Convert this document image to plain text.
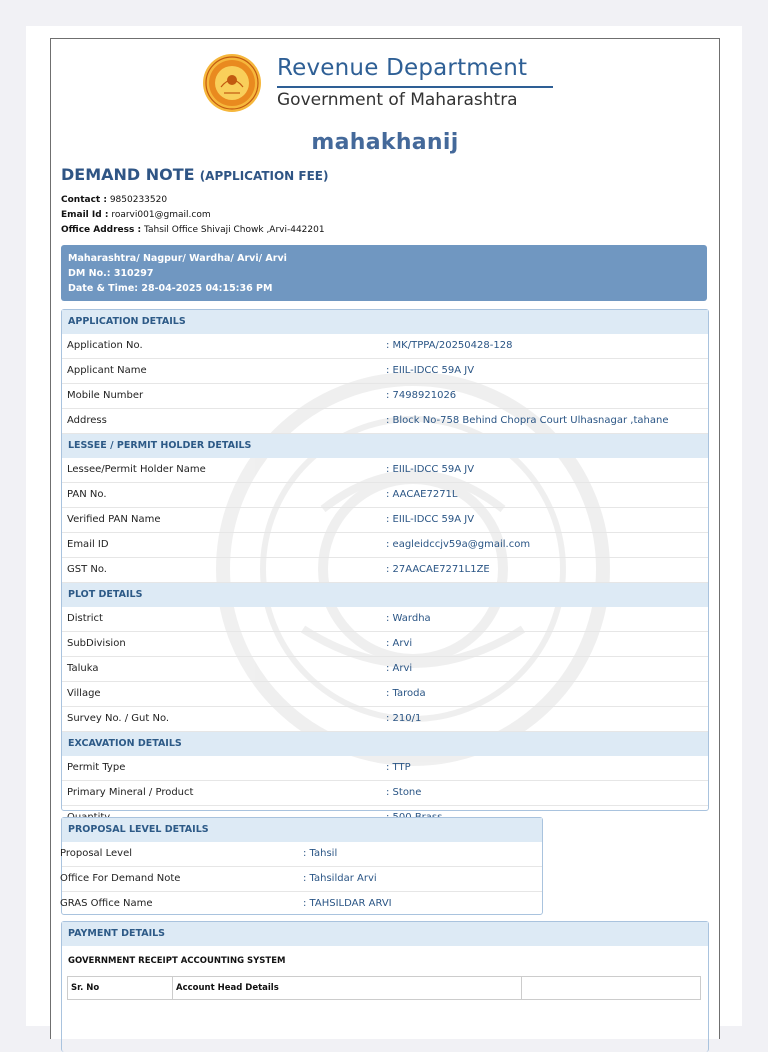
Revenue Department
Government of Maharashtra
mahakhanij
DEMAND NOTE (APPLICATION FEE)
Contact : 9850233520
Email Id : roarvi001@gmail.com
Office Address : Tahsil Office Shivaji Chowk ,Arvi-442201
Maharashtra/ Nagpur/ Wardha/ Arvi/ Arvi
DM No.: 310297
Date & Time: 28-04-2025 04:15:36 PM
APPLICATION DETAILS
Application No.	: MK/TPPA/20250428-128
Applicant Name	: EIIL-IDCC 59A JV
Mobile Number	: 7498921026
Address	: Block No-758 Behind Chopra Court Ulhasnagar ,tahane
LESSEE / PERMIT HOLDER DETAILS
Lessee/Permit Holder Name	: EIIL-IDCC 59A JV
PAN No.	: AACAE7271L
Verified PAN Name	: EIIL-IDCC 59A JV
Email ID	: eagleidccjv59a@gmail.com
GST No.	: 27AACAE7271L1ZE
PLOT DETAILS
District	: Wardha
SubDivision	: Arvi
Taluka	: Arvi
Village	: Taroda
Survey No. / Gut No.	: 210/1
EXCAVATION DETAILS
Permit Type	: TTP
Primary Mineral / Product	: Stone
PROPOSAL LEVEL DETAILS
Proposal Level	: Tahsil
Office For Demand Note	: Tahsildar Arvi
GRAS Office Name	: TAHSILDAR ARVI
PAYMENT DETAILS
GOVERNMENT RECEIPT ACCOUNTING SYSTEM
Sr. No	Account Head Details	
